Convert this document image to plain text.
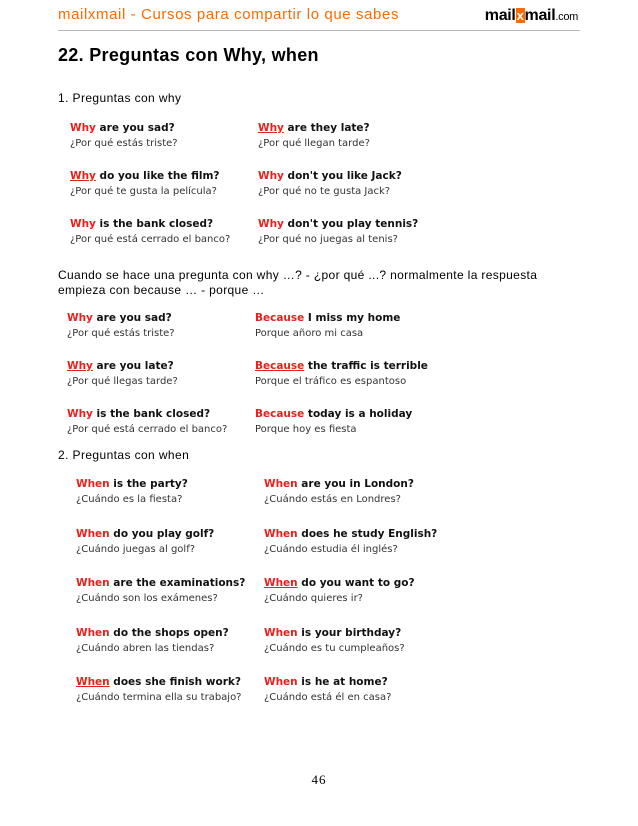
mailxmail - Cursos para compartir lo que sabes	mailxmail.com
22. Preguntas con Why, when
1. Preguntas con why
Why are you sad?
¿Por qué estás triste?
Why are they late?
¿Por qué llegan tarde?
Why do you like the film?
¿Por qué te gusta la película?
Why don't you like Jack?
¿Por qué no te gusta Jack?
Why is the bank closed?
¿Por qué está cerrado el banco?
Why don't you play tennis?
¿Por qué no juegas al tenis?

Cuando se hace una pregunta con why …? - ¿por qué ...? normalmente la respuesta empieza con because … - porque …

Why are you sad?
¿Por qué estás triste?
Because I miss my home
Porque añoro mi casa
Why are you late?
¿Por qué llegas tarde?
Because the traffic is terrible
Porque el tráfico es espantoso
Why is the bank closed?
¿Por qué está cerrado el banco?
Because today is a holiday
Porque hoy es fiesta
2. Preguntas con when
When is the party?
¿Cuándo es la fiesta?
When are you in London?
¿Cuándo estás en Londres?
When do you play golf?
¿Cuándo juegas al golf?
When does he study English?
¿Cuándo estudia él inglés?
When are the examinations?
¿Cuándo son los exámenes?
When do you want to go?
¿Cuándo quieres ir?
When do the shops open?
¿Cuándo abren las tiendas?
When is your birthday?
¿Cuándo es tu cumpleaños?
When does she finish work?
¿Cuándo termina ella su trabajo?
When is he at home?
¿Cuándo está él en casa?
46
